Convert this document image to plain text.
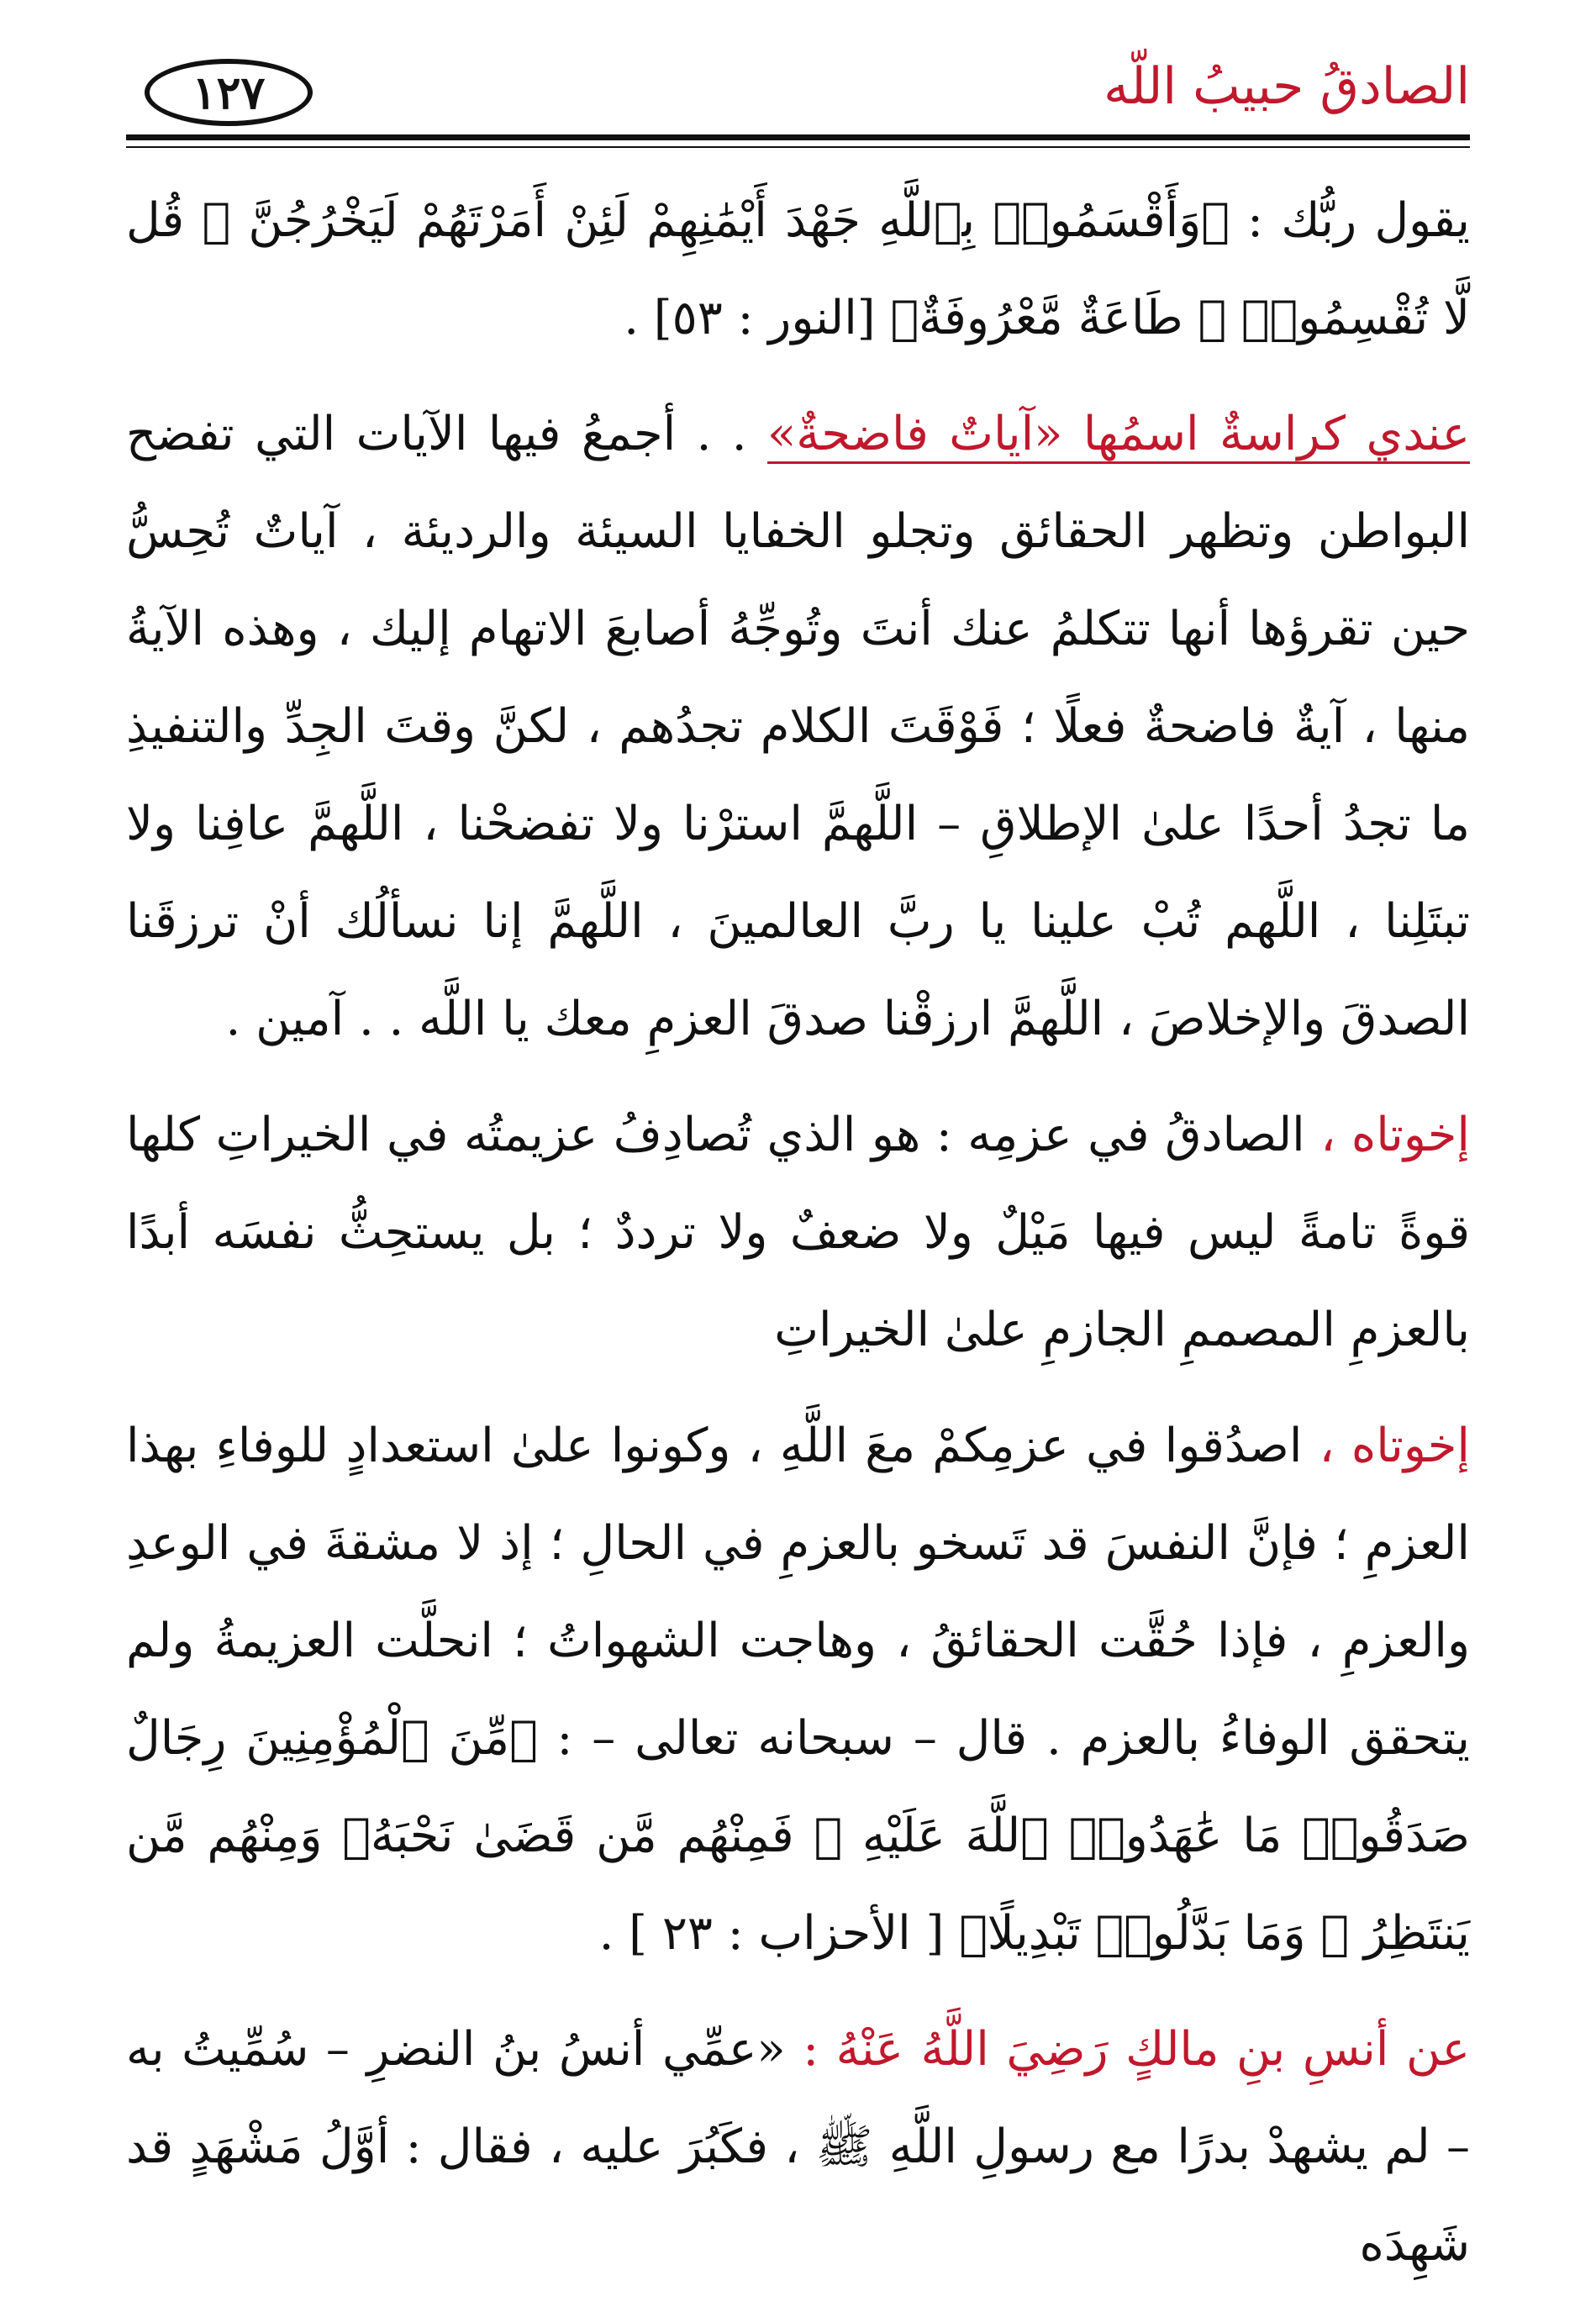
الصادقُ حبيبُ اللّه
١٢٧

يقول ربُّك : ﴿وَأَقْسَمُوا۟ بِٱللَّهِ جَهْدَ أَيْمَٰنِهِمْ لَئِنْ أَمَرْتَهُمْ لَيَخْرُجُنَّ ۖ قُل لَّا تُقْسِمُوا۟ ۖ طَاعَةٌ مَّعْرُوفَةٌ﴾ [النور : ٥٣] .

عندي كراسةٌ اسمُها «آياتٌ فاضحةٌ» . . أجمعُ فيها الآيات التي تفضح البواطن وتظهر الحقائق وتجلو الخفايا السيئة والرديئة ، آياتٌ تُحِسُّ حين تقرؤها أنها تتكلمُ عنك أنتَ وتُوجِّهُ أصابعَ الاتهام إليك ، وهذه الآيةُ منها ، آيةٌ فاضحةٌ فعلًا ؛ فَوْقَتَ الكلام تجدُهم ، لكنَّ وقتَ الجِدِّ والتنفيذِ ما تجدُ أحدًا علىٰ الإطلاقِ – اللَّهمَّ استرْنا ولا تفضحْنا ، اللَّهمَّ عافِنا ولا تبتَلِنا ، اللَّهم تُبْ علينا يا ربَّ العالمينَ ، اللَّهمَّ إنا نسألُك أنْ ترزقَنا الصدقَ والإخلاصَ ، اللَّهمَّ ارزقْنا صدقَ العزمِ معك يا اللَّه . . آمين .

إخوتاه ، الصادقُ في عزمِه : هو الذي تُصادِفُ عزيمتُه في الخيراتِ كلها قوةً تامةً ليس فيها مَيْلٌ ولا ضعفٌ ولا ترددٌ ؛ بل يستحِثُّ نفسَه أبدًا بالعزمِ المصممِ الجازمِ علىٰ الخيراتِ

إخوتاه ، اصدُقوا في عزمِكمْ معَ اللَّهِ ، وكونوا علىٰ استعدادٍ للوفاءِ بهذا العزمِ ؛ فإنَّ النفسَ قد تَسخو بالعزمِ في الحالِ ؛ إذ لا مشقةَ في الوعدِ والعزمِ ، فإذا حُقَّت الحقائقُ ، وهاجت الشهواتُ ؛ انحلَّت العزيمةُ ولم يتحقق الوفاءُ بالعزم . قال – سبحانه تعالى – : ﴿مِّنَ ٱلْمُؤْمِنِينَ رِجَالٌ صَدَقُوا۟ مَا عَٰهَدُوا۟ ٱللَّهَ عَلَيْهِ ۖ فَمِنْهُم مَّن قَضَىٰ نَحْبَهُۥ وَمِنْهُم مَّن يَنتَظِرُ ۖ وَمَا بَدَّلُوا۟ تَبْدِيلًا﴾ [ الأحزاب : ٢٣ ] .

عن أنسِ بنِ مالكٍ رَضِيَ اللَّهُ عَنْهُ : «عمِّي أنسُ بنُ النضرِ – سُمِّيتُ به – لم يشهدْ بدرًا مع رسولِ اللَّهِ ﷺ ، فكَبُرَ عليه ، فقال : أوَّلُ مَشْهَدٍ قد شَهِدَه
